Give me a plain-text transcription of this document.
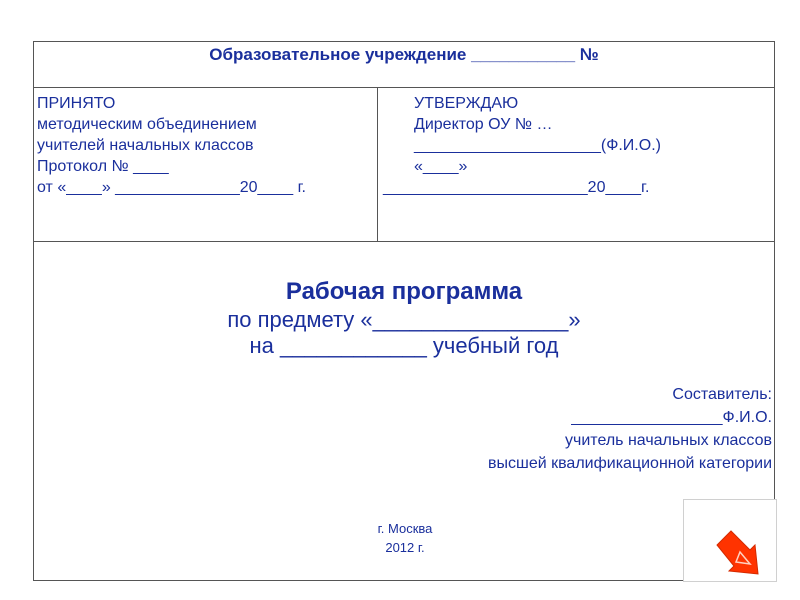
Образовательное учреждение ___________ №
ПРИНЯТО
методическим объединением
учителей начальных классов
Протокол № ____
от «____» ______________20____ г.
УТВЕРЖДАЮ
Директор ОУ № …
_____________________(Ф.И.О.)
«____»
_______________________20____г.
Рабочая программа
по предмету «________________»
на ____________ учебный год
Составитель:
_________________Ф.И.О.
учитель начальных классов
высшей квалификационной категории
г. Москва
2012 г.
